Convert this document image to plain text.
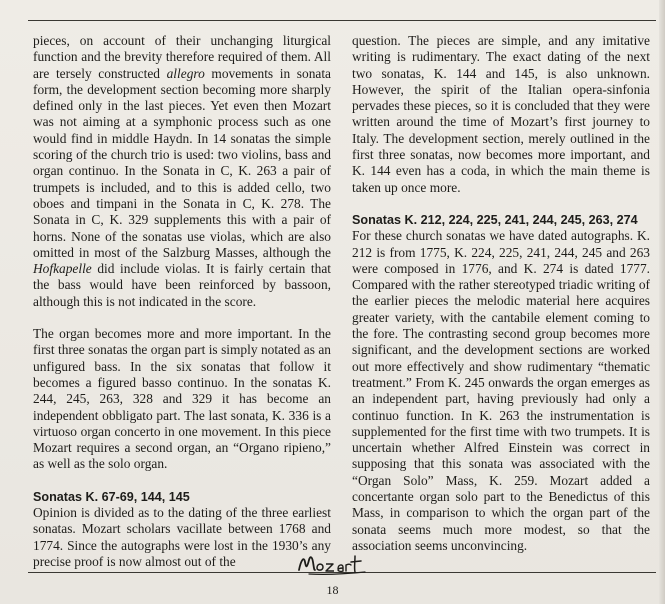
pieces, on account of their unchanging liturgical function and the brevity therefore required of them. All are tersely constructed allegro movements in sonata form, the development section becoming more sharply defined only in the last pieces. Yet even then Mozart was not aiming at a symphonic process such as one would find in middle Haydn. In 14 sonatas the simple scoring of the church trio is used: two violins, bass and organ continuo. In the Sonata in C, K. 263 a pair of trumpets is included, and to this is added cello, two oboes and timpani in the Sonata in C, K. 278. The Sonata in C, K. 329 supplements this with a pair of horns. None of the sonatas use violas, which are also omitted in most of the Salzburg Masses, although the Hofkapelle did include violas. It is fairly certain that the bass would have been reinforced by bassoon, although this is not indicated in the score.

The organ becomes more and more important. In the first three sonatas the organ part is simply notated as an unfigured bass. In the six sonatas that follow it becomes a figured basso continuo. In the sonatas K. 244, 245, 263, 328 and 329 it has become an independent obbligato part. The last sonata, K. 336 is a virtuoso organ concerto in one movement. In this piece Mozart requires a second organ, an “Organo ripieno,” as well as the solo organ.

Sonatas K. 67-69, 144, 145

Opinion is divided as to the dating of the three earliest sonatas. Mozart scholars vacillate between 1768 and 1774. Since the autographs were lost in the 1930’s any precise proof is now almost out of the

question. The pieces are simple, and any imitative writing is rudimentary. The exact dating of the next two sonatas, K. 144 and 145, is also unknown. However, the spirit of the Italian opera-sinfonia pervades these pieces, so it is concluded that they were written around the time of Mozart’s first journey to Italy. The development section, merely outlined in the first three sonatas, now becomes more important, and K. 144 even has a coda, in which the main theme is taken up once more.

Sonatas K. 212, 224, 225, 241, 244, 245, 263, 274

For these church sonatas we have dated autographs. K. 212 is from 1775, K. 224, 225, 241, 244, 245 and 263 were composed in 1776, and K. 274 is dated 1777. Compared with the rather stereotyped triadic writing of the earlier pieces the melodic material here acquires greater variety, with the cantabile element coming to the fore. The contrasting second group becomes more significant, and the development sections are worked out more effectively and show rudimentary “thematic treatment.” From K. 245 onwards the organ emerges as an independent part, having previously had only a continuo function. In K. 263 the instrumentation is supplemented for the first time with two trumpets. It is uncertain whether Alfred Einstein was correct in supposing that this sonata was associated with the “Organ Solo” Mass, K. 259. Mozart added a concertante organ solo part to the Benedictus of this Mass, in comparison to which the organ part of the sonata seems much more modest, so that the association seems unconvincing.

18
